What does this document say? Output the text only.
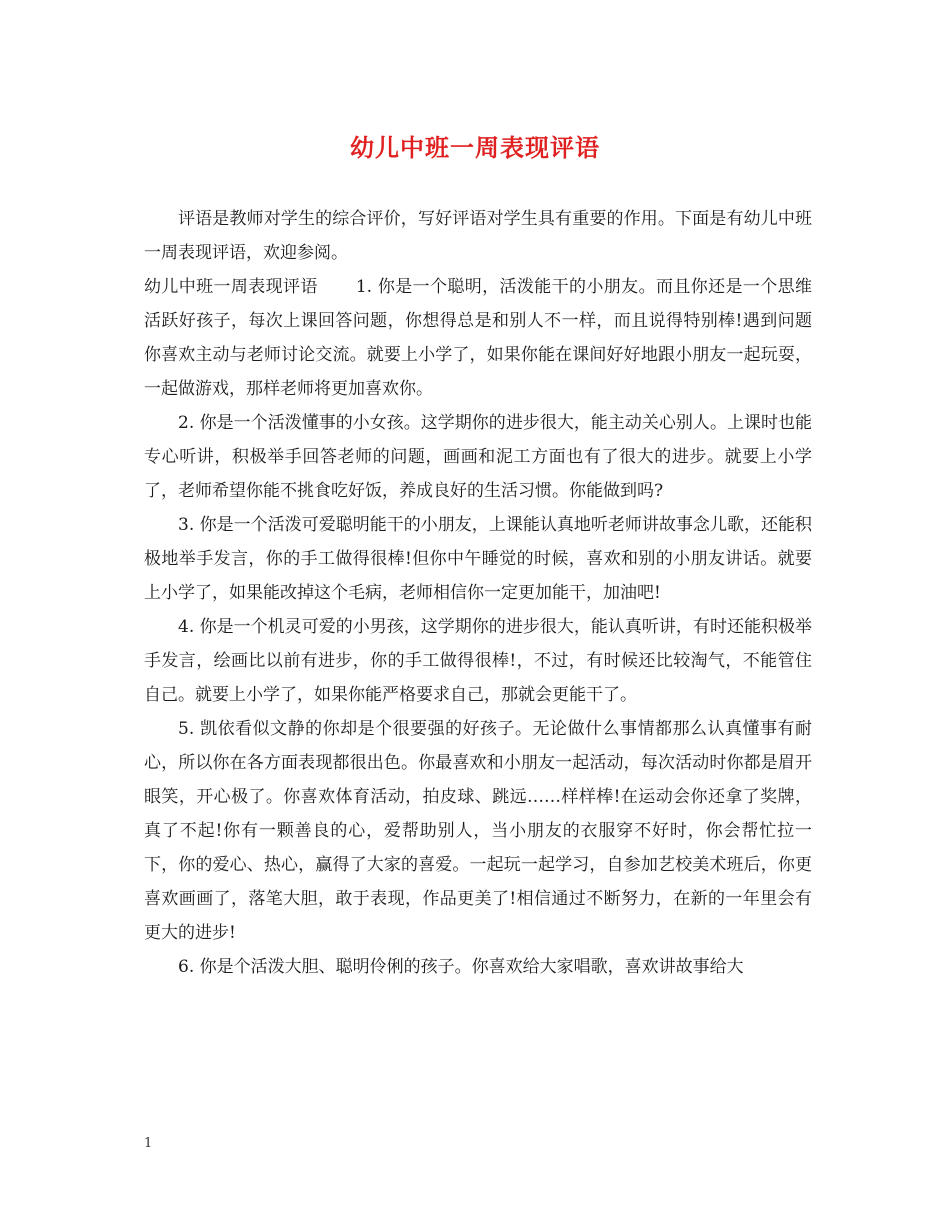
幼儿中班一周表现评语

评语是教师对学生的综合评价，写好评语对学生具有重要的作用。下面是有幼儿中班一周表现评语，欢迎参阅。

幼儿中班一周表现评语 1. 你是一个聪明，活泼能干的小朋友。而且你还是一个思维活跃好孩子，每次上课回答问题，你想得总是和别人不一样，而且说得特别棒!遇到问题你喜欢主动与老师讨论交流。就要上小学了，如果你能在课间好好地跟小朋友一起玩耍，一起做游戏，那样老师将更加喜欢你。

2. 你是一个活泼懂事的小女孩。这学期你的进步很大，能主动关心别人。上课时也能专心听讲，积极举手回答老师的问题，画画和泥工方面也有了很大的进步。就要上小学了，老师希望你能不挑食吃好饭，养成良好的生活习惯。你能做到吗?

3. 你是一个活泼可爱聪明能干的小朋友，上课能认真地听老师讲故事念儿歌，还能积极地举手发言，你的手工做得很棒!但你中午睡觉的时候，喜欢和别的小朋友讲话。就要上小学了，如果能改掉这个毛病，老师相信你一定更加能干，加油吧!

4. 你是一个机灵可爱的小男孩，这学期你的进步很大，能认真听讲，有时还能积极举手发言，绘画比以前有进步，你的手工做得很棒!，不过，有时候还比较淘气，不能管住自己。就要上小学了，如果你能严格要求自己，那就会更能干了。

5. 凯依看似文静的你却是个很要强的好孩子。无论做什么事情都那么认真懂事有耐心，所以你在各方面表现都很出色。你最喜欢和小朋友一起活动，每次活动时你都是眉开眼笑，开心极了。你喜欢体育活动，拍皮球、跳远……样样棒!在运动会你还拿了奖牌，真了不起!你有一颗善良的心，爱帮助别人，当小朋友的衣服穿不好时，你会帮忙拉一下，你的爱心、热心，赢得了大家的喜爱。一起玩一起学习，自参加艺校美术班后，你更喜欢画画了，落笔大胆，敢于表现，作品更美了!相信通过不断努力，在新的一年里会有更大的进步!

6. 你是个活泼大胆、聪明伶俐的孩子。你喜欢给大家唱歌，喜欢讲故事给大

1
